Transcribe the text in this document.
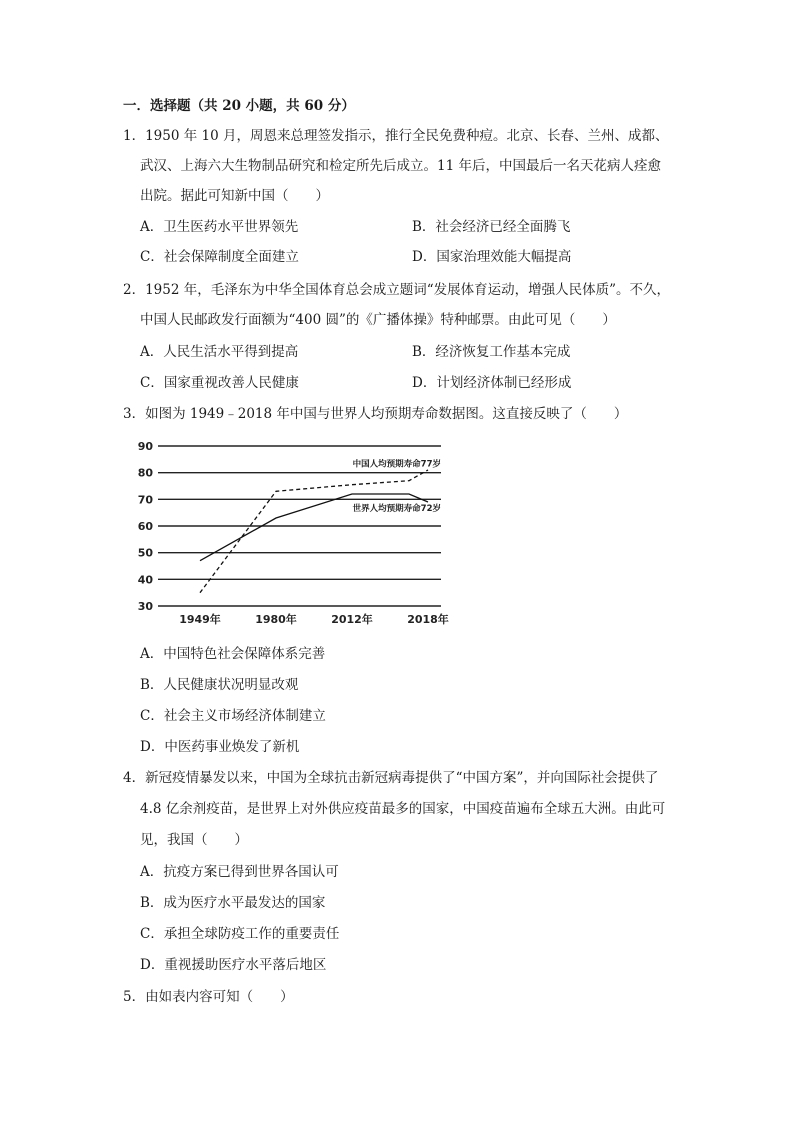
一．选择题（共 20 小题，共 60 分）
1．1950 年 10 月，周恩来总理签发指示，推行全民免费种痘。北京、长春、兰州、成都、
武汉、上海六大生物制品研究和检定所先后成立。11 年后，中国最后一名天花病人痊愈
出院。据此可知新中国（　　）
A．卫生医药水平世界领先	B．社会经济已经全面腾飞
C．社会保障制度全面建立	D．国家治理效能大幅提高
2．1952 年，毛泽东为中华全国体育总会成立题词“发展体育运动，增强人民体质”。不久，
中国人民邮政发行面额为“400 圆”的《广播体操》特种邮票。由此可见（　　）
A．人民生活水平得到提高	B．经济恢复工作基本完成
C．国家重视改善人民健康	D．计划经济体制已经形成
3．如图为 1949﹣2018 年中国与世界人均预期寿命数据图。这直接反映了（　　）
30
40
50
60
70
80
90
1949年	1980年	2012年	2018年
中国人均预期寿命77岁
世界人均预期寿命72岁
A．中国特色社会保障体系完善
B．人民健康状况明显改观
C．社会主义市场经济体制建立
D．中医药事业焕发了新机
4．新冠疫情暴发以来，中国为全球抗击新冠病毒提供了“中国方案”，并向国际社会提供了
4.8 亿余剂疫苗，是世界上对外供应疫苗最多的国家，中国疫苗遍布全球五大洲。由此可
见，我国（　　）
A．抗疫方案已得到世界各国认可
B．成为医疗水平最发达的国家
C．承担全球防疫工作的重要责任
D．重视援助医疗水平落后地区
5．由如表内容可知（　　）
